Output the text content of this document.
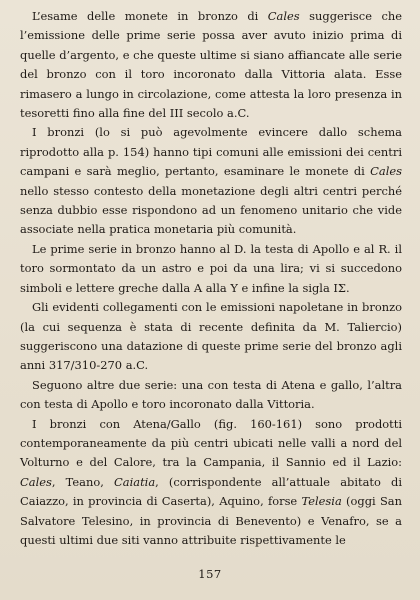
L’esame delle monete in bronzo di Cales suggerisce che l’emissione delle prime serie possa aver avuto inizio prima di quelle d’argento, e che queste ultime si siano affiancate alle serie del bronzo con il toro incoronato dalla Vittoria alata. Esse rimasero a lungo in circolazione, come attesta la loro presenza in tesoretti fino alla fine del III secolo a.C.

I bronzi (lo si può agevolmente evincere dallo schema riprodotto alla p. 154) hanno tipi comuni alle emissioni dei centri campani e sarà meglio, pertanto, esaminare le monete di Cales nello stesso contesto della monetazione degli altri centri perché senza dubbio esse rispondono ad un fenomeno unitario che vide associate nella pratica monetaria più comunità.

Le prime serie in bronzo hanno al D. la testa di Apollo e al R. il toro sormontato da un astro e poi da una lira; vi si succedono simboli e lettere greche dalla A alla Y e infine la sigla ΙΣ.

Gli evidenti collegamenti con le emissioni napoletane in bronzo (la cui sequenza è stata di recente definita da M. Taliercio) suggeriscono una datazione di queste prime serie del bronzo agli anni 317/310-270 a.C.

Seguono altre due serie: una con testa di Atena e gallo, l’altra con testa di Apollo e toro incoronato dalla Vittoria.

I bronzi con Atena/Gallo (fig. 160-161) sono prodotti contemporaneamente da più centri ubicati nelle valli a nord del Volturno e del Calore, tra la Campania, il Sannio ed il Lazio: Cales, Teano, Caiatia, (corrispondente all’attuale abitato di Caiazzo, in provincia di Caserta), Aquino, forse Telesia (oggi San Salvatore Telesino, in provincia di Benevento) e Venafro, se a questi ultimi due siti vanno attribuite rispettivamente le

157
